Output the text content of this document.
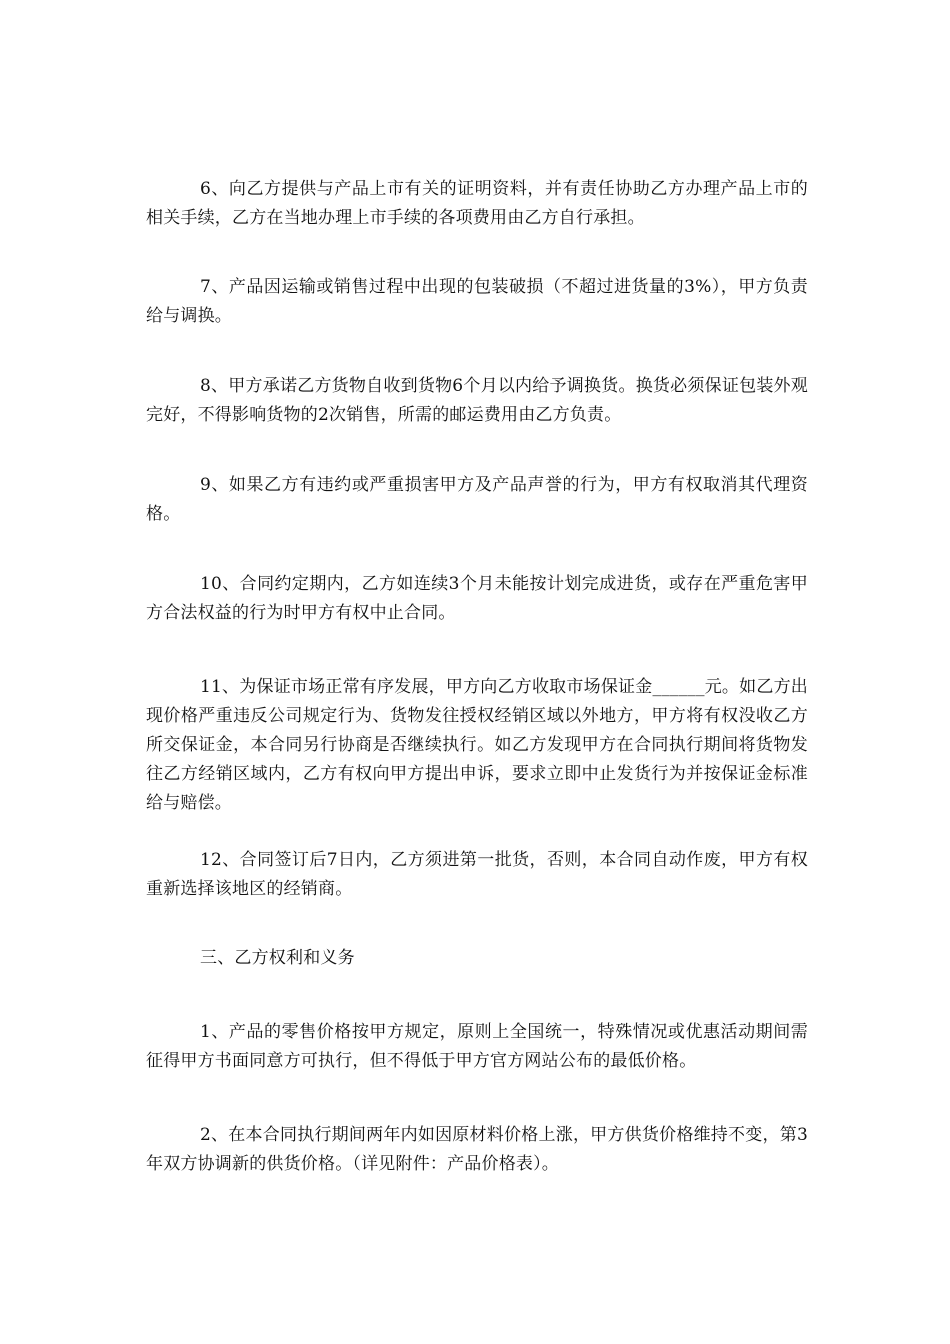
6、向乙方提供与产品上市有关的证明资料，并有责任协助乙方办理产品上市的相关手续，乙方在当地办理上市手续的各项费用由乙方自行承担。

7、产品因运输或销售过程中出现的包装破损（不超过进货量的3%），甲方负责给与调换。

8、甲方承诺乙方货物自收到货物6个月以内给予调换货。换货必须保证包装外观完好，不得影响货物的2次销售，所需的邮运费用由乙方负责。

9、如果乙方有违约或严重损害甲方及产品声誉的行为，甲方有权取消其代理资格。

10、合同约定期内，乙方如连续3个月未能按计划完成进货，或存在严重危害甲方合法权益的行为时甲方有权中止合同。

11、为保证市场正常有序发展，甲方向乙方收取市场保证金______元。如乙方出现价格严重违反公司规定行为、货物发往授权经销区域以外地方，甲方将有权没收乙方所交保证金，本合同另行协商是否继续执行。如乙方发现甲方在合同执行期间将货物发往乙方经销区域内，乙方有权向甲方提出申诉，要求立即中止发货行为并按保证金标准给与赔偿。

12、合同签订后7日内，乙方须进第一批货，否则，本合同自动作废，甲方有权重新选择该地区的经销商。

三、乙方权利和义务

1、产品的零售价格按甲方规定，原则上全国统一，特殊情况或优惠活动期间需征得甲方书面同意方可执行，但不得低于甲方官方网站公布的最低价格。

2、在本合同执行期间两年内如因原材料价格上涨，甲方供货价格维持不变，第3年双方协调新的供货价格。（详见附件：产品价格表）。
